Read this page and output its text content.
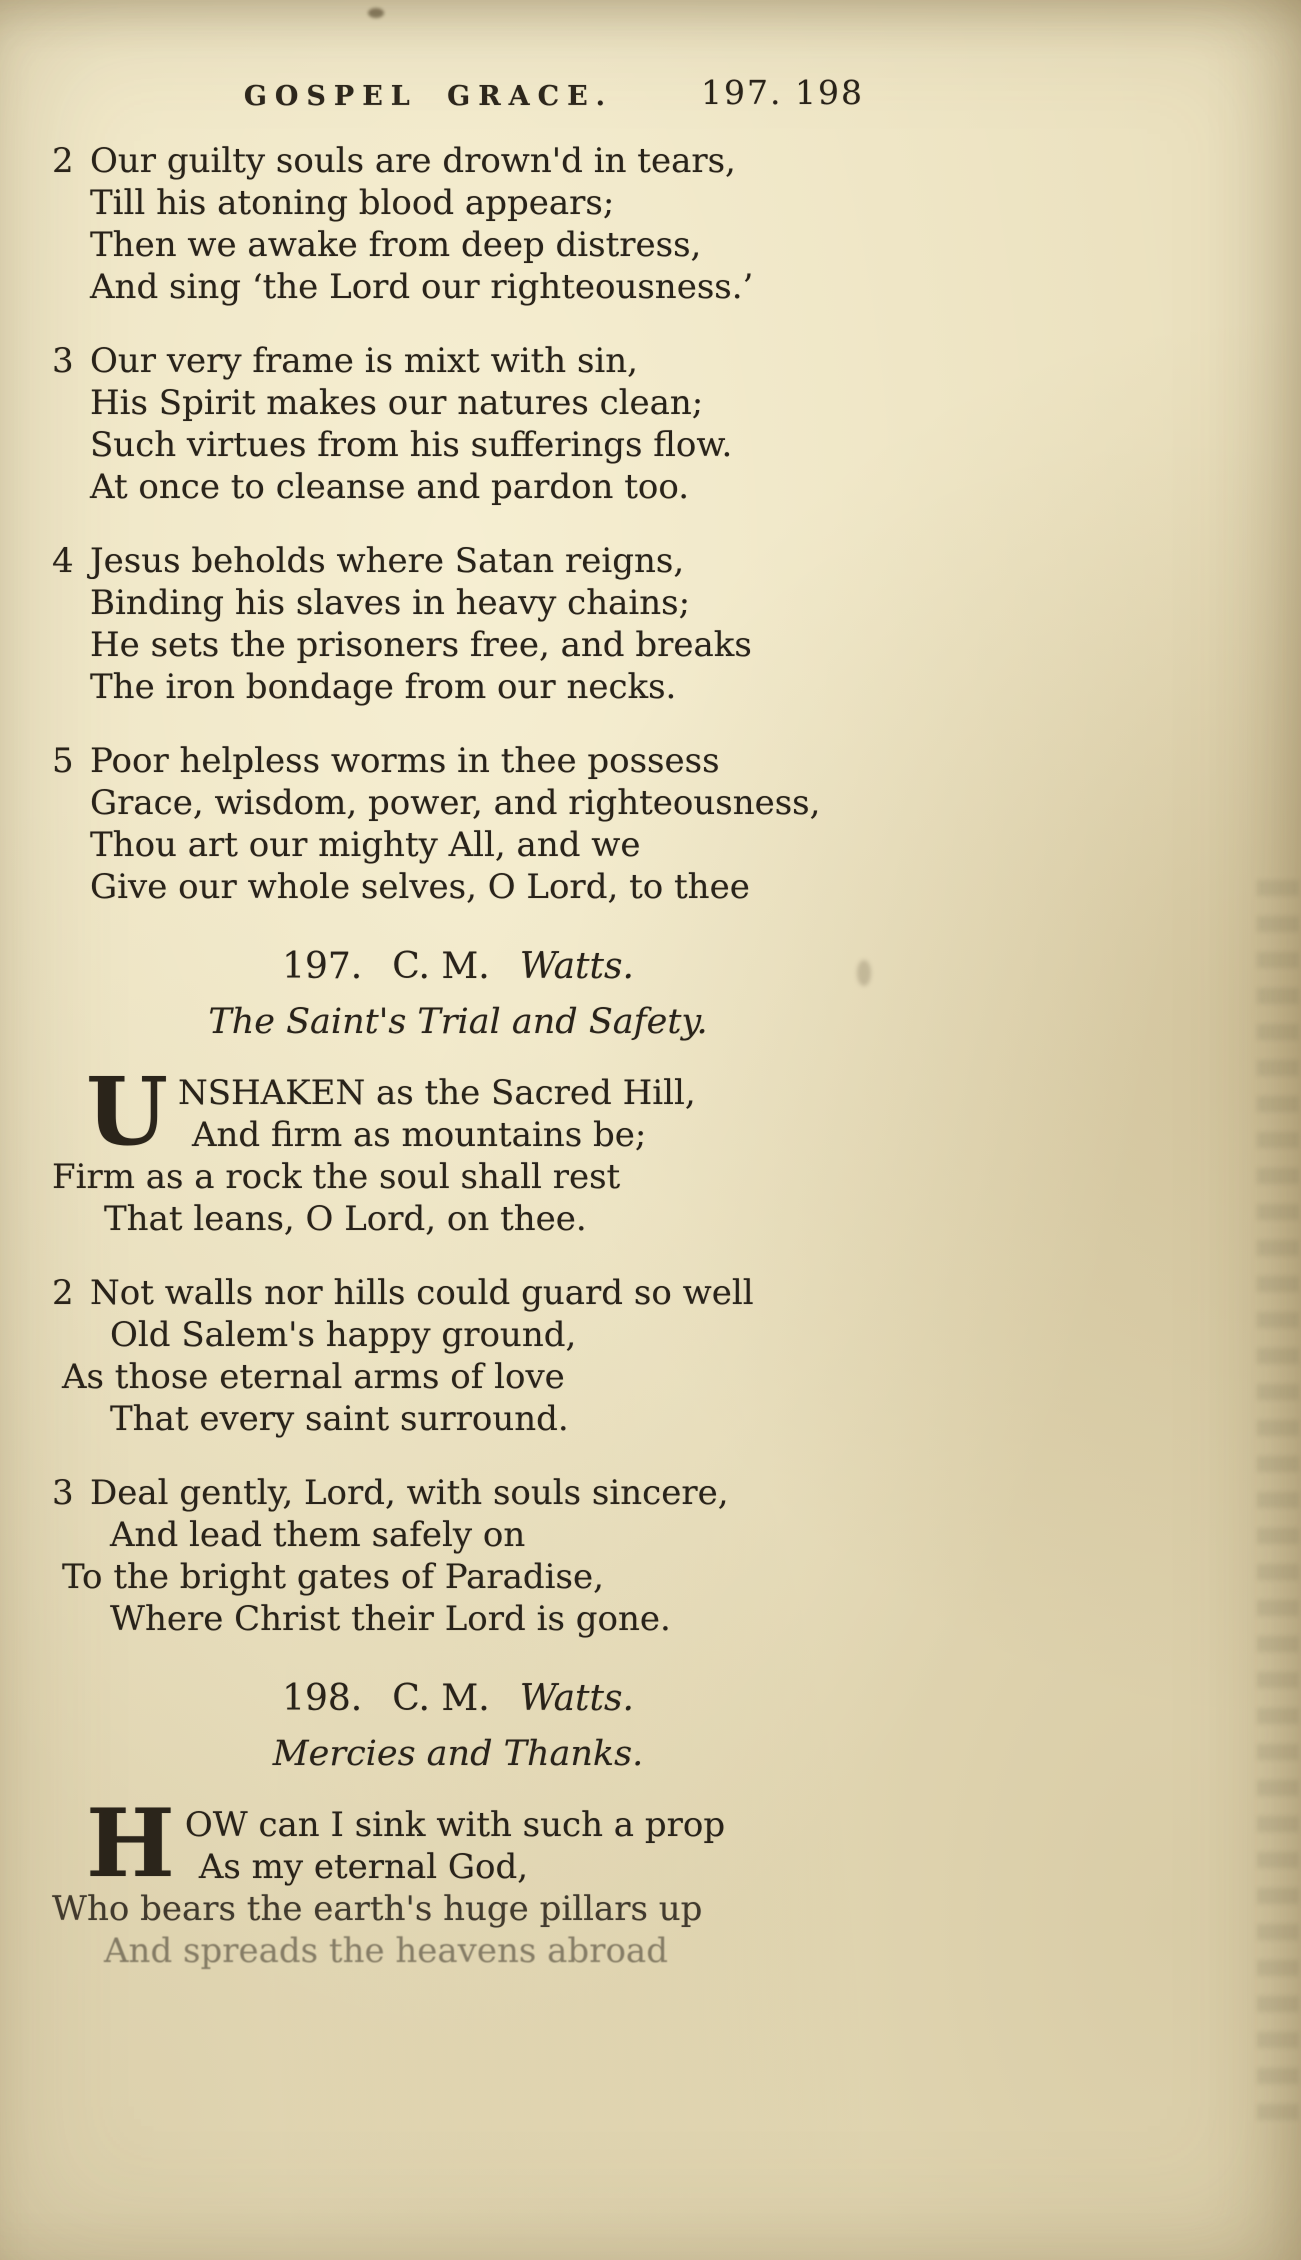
GOSPEL GRACE.	197. 198
2 Our guilty souls are drown'd in tears,
Till his atoning blood appears;
Then we awake from deep distress,
And sing ‘the Lord our righteousness.’
3 Our very frame is mixt with sin,
His Spirit makes our natures clean;
Such virtues from his sufferings flow.
At once to cleanse and pardon too.
4 Jesus beholds where Satan reigns,
Binding his slaves in heavy chains;
He sets the prisoners free, and breaks
The iron bondage from our necks.
5 Poor helpless worms in thee possess
Grace, wisdom, power, and righteousness,
Thou art our mighty All, and we
Give our whole selves, O Lord, to thee
197. C. M. Watts.
The Saint's Trial and Safety.
U NSHAKEN as the Sacred Hill,
And firm as mountains be;
Firm as a rock the soul shall rest
That leans, O Lord, on thee.
2 Not walls nor hills could guard so well
Old Salem's happy ground,
As those eternal arms of love
That every saint surround.
3 Deal gently, Lord, with souls sincere,
And lead them safely on
To the bright gates of Paradise,
Where Christ their Lord is gone.
198. C. M. Watts.
Mercies and Thanks.
H OW can I sink with such a prop
As my eternal God,
Who bears the earth's huge pillars up
And spreads the heavens abroad
